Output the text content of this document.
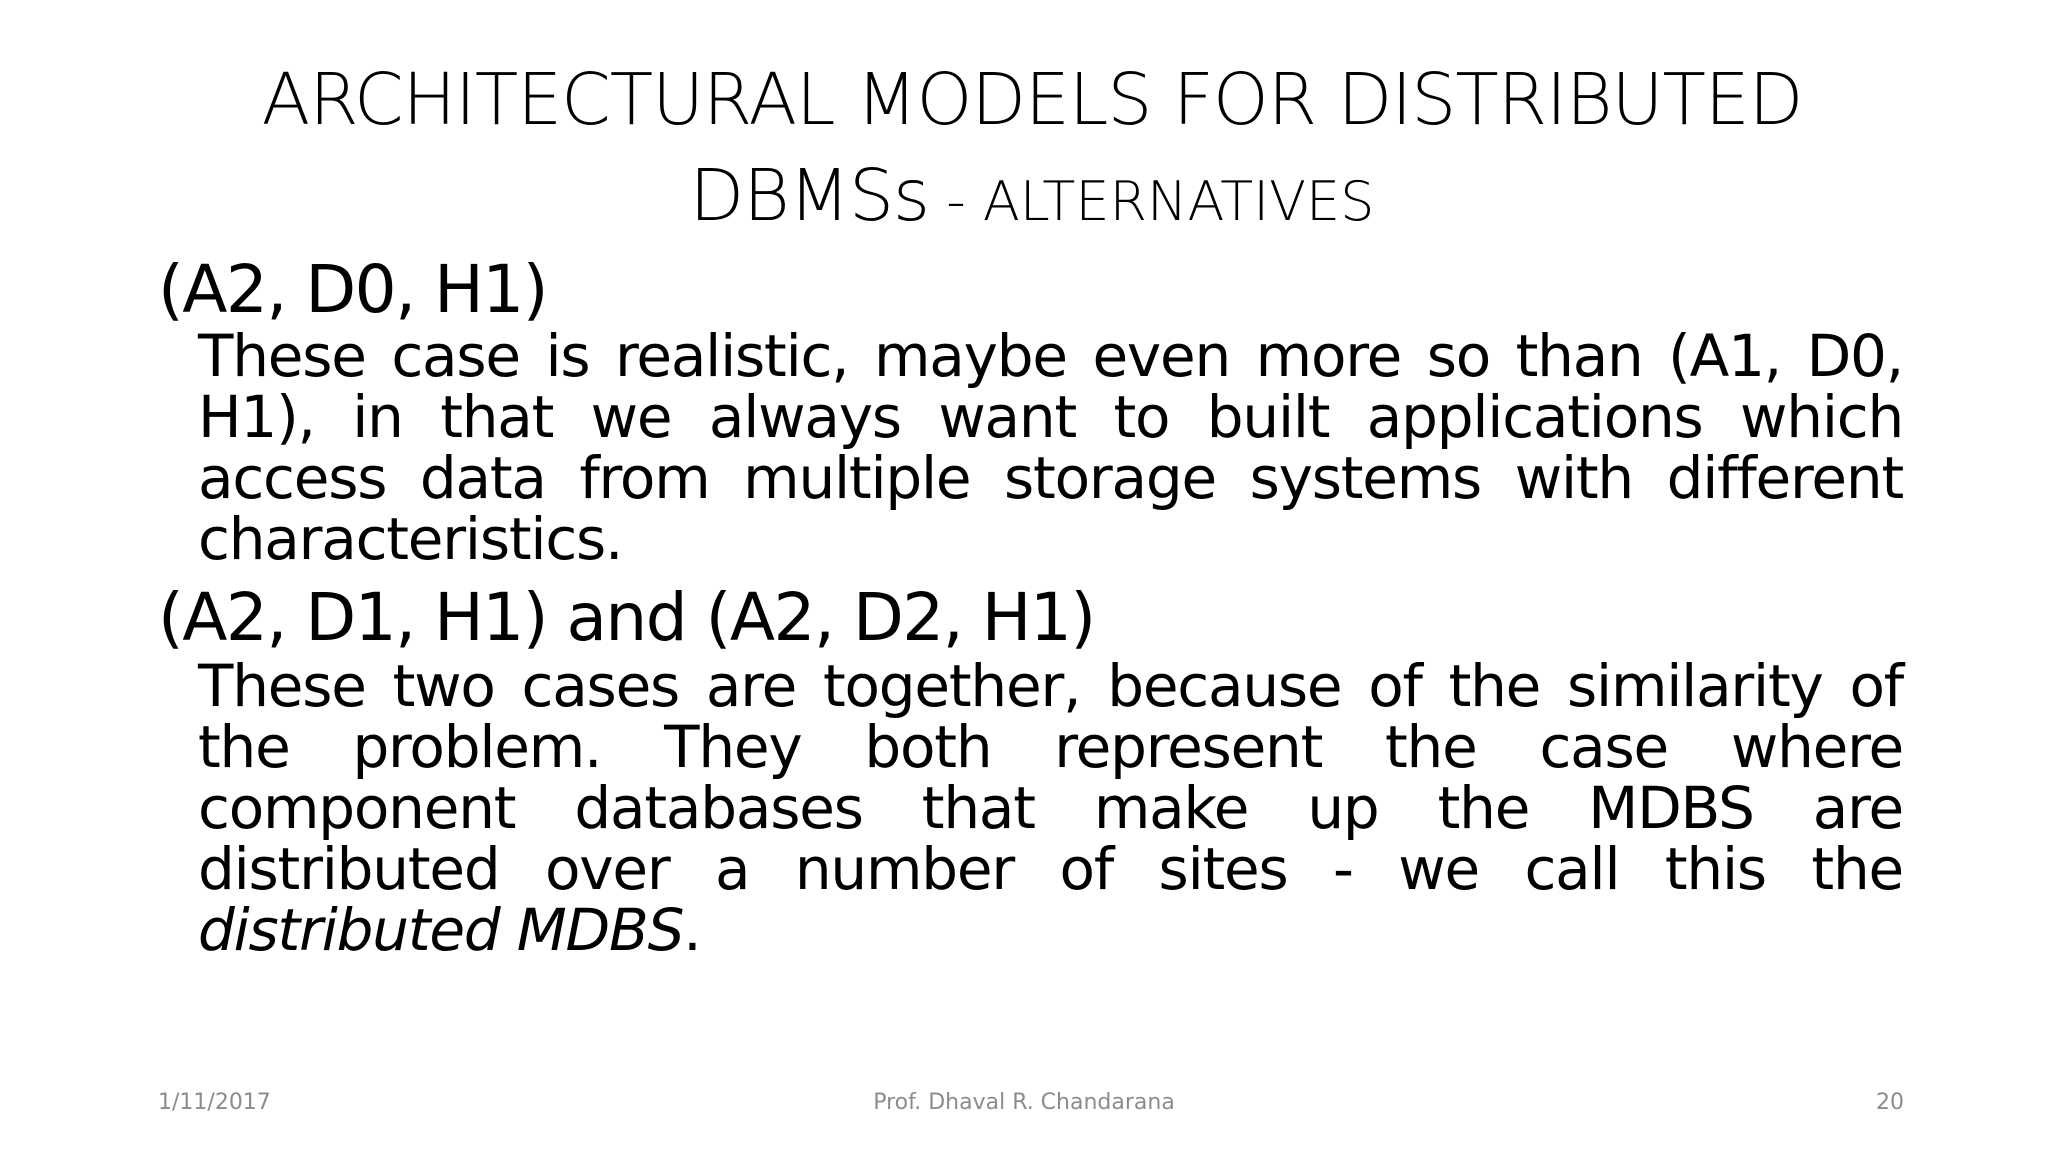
ARCHITECTURAL MODELS FOR DISTRIBUTED
DBMSs - ALTERNATIVES

(A2, D0, H1)

These case is realistic, maybe even more so than (A1, D0, H1), in that we always want to built applications which access data from multiple storage systems with different characteristics.

(A2, D1, H1) and (A2, D2, H1)

These two cases are together, because of the similarity of the problem. They both represent the case where component databases that make up the MDBS are distributed over a number of sites - we call this the distributed MDBS.

1/11/2017	Prof. Dhaval R. Chandarana	20
